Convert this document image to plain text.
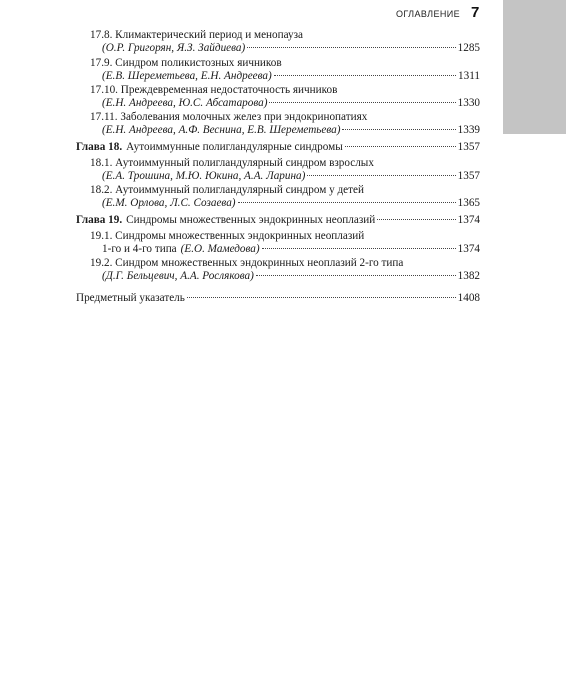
ОГЛАВЛЕНИЕ 7
17.8. Климактерический период и менопауза
(О.Р. Григорян, Я.З. Зайдиева)	1285
17.9. Синдром поликистозных яичников
(Е.В. Шереметьева, Е.Н. Андреева)	1311
17.10. Преждевременная недостаточность яичников
(Е.Н. Андреева, Ю.С. Абсатарова)	1330
17.11. Заболевания молочных желез при эндокринопатиях
(Е.Н. Андреева, А.Ф. Веснина, Е.В. Шереметьева)	1339
Глава 18. Аутоиммунные полигландулярные синдромы	1357
18.1. Аутоиммунный полигландулярный синдром взрослых
(Е.А. Трошина, М.Ю. Юкина, А.А. Ларина)	1357
18.2. Аутоиммунный полигландулярный синдром у детей
(Е.М. Орлова, Л.С. Созаева)	1365
Глава 19. Синдромы множественных эндокринных неоплазий	1374
19.1. Синдромы множественных эндокринных неоплазий
1-го и 4-го типа (Е.О. Мамедова)	1374
19.2. Синдром множественных эндокринных неоплазий 2-го типа
(Д.Г. Бельцевич, А.А. Рослякова)	1382
Предметный указатель	1408
